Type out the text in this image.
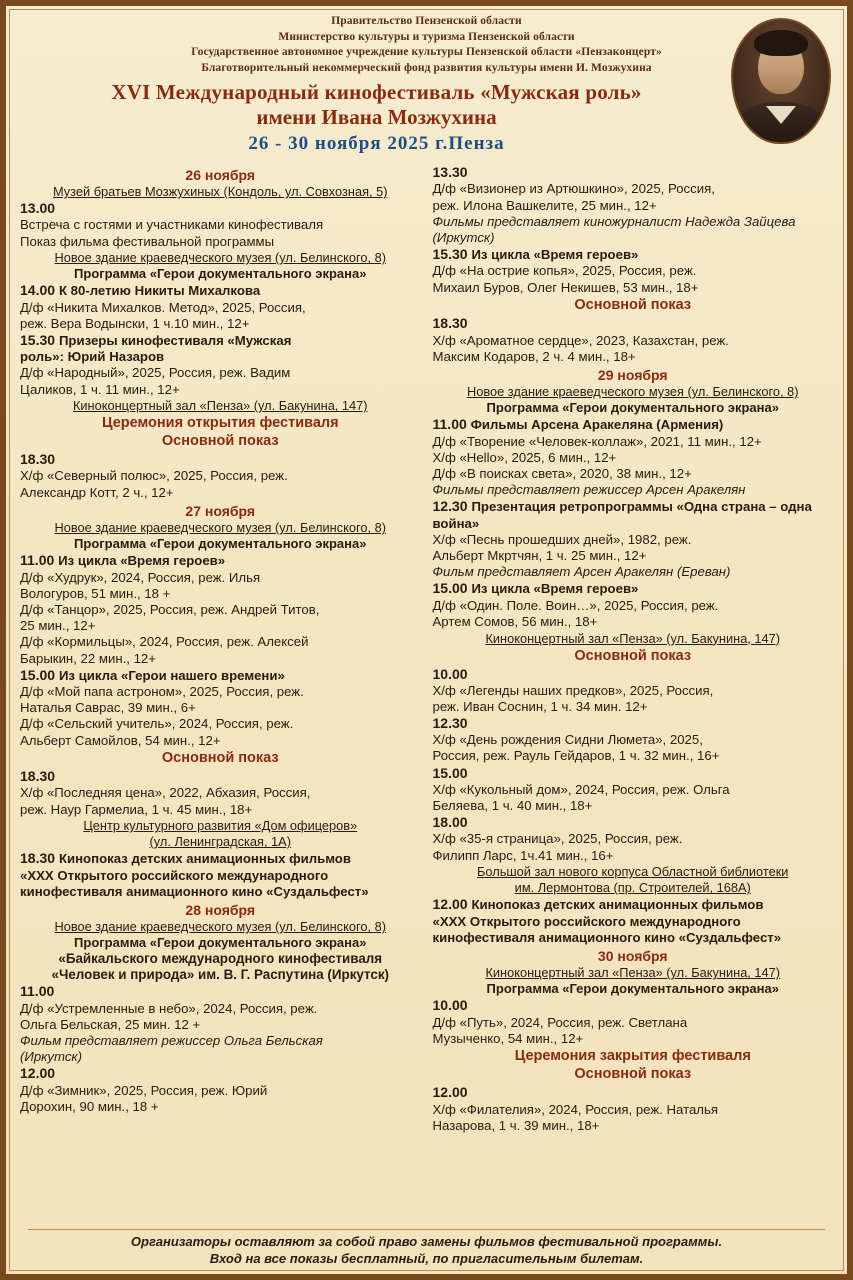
Правительство Пензенской области
Министерство культуры и туризма Пензенской области
Государственное автономное учреждение культуры Пензенской области «Пензаконцерт»
Благотворительный некоммерческий фонд развития культуры имени И. Мозжухина
XVI Международный кинофестиваль «Мужская роль»
имени Ивана Мозжухина
26 - 30 ноября 2025 г.Пенза
26 ноября
Музей братьев Мозжухиных (Кондоль, ул. Совхозная, 5)
13.00
Встреча с гостями и участниками кинофестиваля
Показ фильма фестивальной программы
Новое здание краеведческого музея (ул. Белинского, 8)
Программа «Герои документального экрана»
14.00 К 80-летию Никиты Михалкова
Д/ф «Никита Михалков. Метод», 2025, Россия,
реж. Вера Водынски, 1 ч.10 мин., 12+
15.30 Призеры кинофестиваля «Мужская
роль»: Юрий Назаров
Д/ф «Народный», 2025, Россия, реж. Вадим
Цаликов, 1 ч. 11 мин., 12+
Киноконцертный зал «Пенза» (ул. Бакунина, 147)
Церемония открытия фестиваля
Основной показ
18.30
Х/ф «Северный полюс», 2025, Россия, реж.
Александр Котт, 2 ч., 12+
27 ноября
Новое здание краеведческого музея (ул. Белинского, 8)
Программа «Герои документального экрана»
11.00 Из цикла «Время героев»
Д/ф «Худрук», 2024, Россия, реж. Илья
Вологуров, 51 мин., 18 +
Д/ф «Танцор», 2025, Россия, реж. Андрей Титов,
25 мин., 12+
Д/ф «Кормильцы», 2024, Россия, реж. Алексей
Барыкин, 22 мин., 12+
15.00 Из цикла «Герои нашего времени»
Д/ф «Мой папа астроном», 2025, Россия, реж.
Наталья Саврас, 39 мин., 6+
Д/ф «Сельский учитель», 2024, Россия, реж.
Альберт Самойлов, 54 мин., 12+
Основной показ
18.30
Х/ф «Последняя цена», 2022, Абхазия, Россия,
реж. Наур Гармелиа, 1 ч. 45 мин., 18+
Центр культурного развития «Дом офицеров»
(ул. Ленинградская, 1А)
18.30 Кинопоказ детских анимационных фильмов
«ХХХ Открытого российского международного
кинофестиваля анимационного кино «Суздальфест»
28 ноября
Новое здание краеведческого музея (ул. Белинского, 8)
Программа «Герои документального экрана»
«Байкальского международного кинофестиваля
«Человек и природа» им. В. Г. Распутина (Иркутск)
11.00
Д/ф «Устремленные в небо», 2024, Россия, реж.
Ольга Бельская, 25 мин. 12 +
Фильм представляет режиссер Ольга Бельская
(Иркутск)
12.00
Д/ф «Зимник», 2025, Россия, реж. Юрий
Дорохин, 90 мин., 18 +
13.30
Д/ф «Визионер из Артюшкино», 2025, Россия,
реж. Илона Вашкелите, 25 мин., 12+
Фильмы представляет киножурналист Надежда Зайцева
(Иркутск)
15.30 Из цикла «Время героев»
Д/ф «На острие копья», 2025, Россия, реж.
Михаил Буров, Олег Некишев, 53 мин., 18+
Основной показ
18.30
Х/ф «Ароматное сердце», 2023, Казахстан, реж.
Максим Кодаров, 2 ч. 4 мин., 18+
29 ноября
Новое здание краеведческого музея (ул. Белинского, 8)
Программа «Герои документального экрана»
11.00 Фильмы Арсена Аракеляна (Армения)
Д/ф «Творение «Человек-коллаж», 2021, 11 мин., 12+
Х/ф «Hello», 2025, 6 мин., 12+
Д/ф «В поисках света», 2020, 38 мин., 12+
Фильмы представляет режиссер Арсен Аракелян
12.30 Презентация ретропрограммы «Одна страна – одна
война»
Х/ф «Песнь прошедших дней», 1982, реж.
Альберт Мкртчян, 1 ч. 25 мин., 12+
Фильм представляет Арсен Аракелян (Ереван)
15.00 Из цикла «Время героев»
Д/ф «Один. Поле. Воин…», 2025, Россия, реж.
Артем Сомов, 56 мин., 18+
Киноконцертный зал «Пенза» (ул. Бакунина, 147)
Основной показ
10.00
Х/ф «Легенды наших предков», 2025, Россия,
реж. Иван Соснин, 1 ч. 34 мин. 12+
12.30
Х/ф «День рождения Сидни Люмета», 2025,
Россия, реж. Рауль Гейдаров, 1 ч. 32 мин., 16+
15.00
Х/ф «Кукольный дом», 2024, Россия, реж. Ольга
Беляева, 1 ч. 40 мин., 18+
18.00
Х/ф «35-я страница», 2025, Россия, реж.
Филипп Ларс, 1ч.41 мин., 16+
Большой зал нового корпуса Областной библиотеки
им. Лермонтова (пр. Строителей, 168А)
12.00 Кинопоказ детских анимационных фильмов
«ХХХ Открытого российского международного
кинофестиваля анимационного кино «Суздальфест»
30 ноября
Киноконцертный зал «Пенза» (ул. Бакунина, 147)
Программа «Герои документального экрана»
10.00
Д/ф «Путь», 2024, Россия, реж. Светлана
Музыченко, 54 мин., 12+
Церемония закрытия фестиваля
Основной показ
12.00
Х/ф «Филателия», 2024, Россия, реж. Наталья
Назарова, 1 ч. 39 мин., 18+
Организаторы оставляют за собой право замены фильмов фестивальной программы.
Вход на все показы бесплатный, по пригласительным билетам.
